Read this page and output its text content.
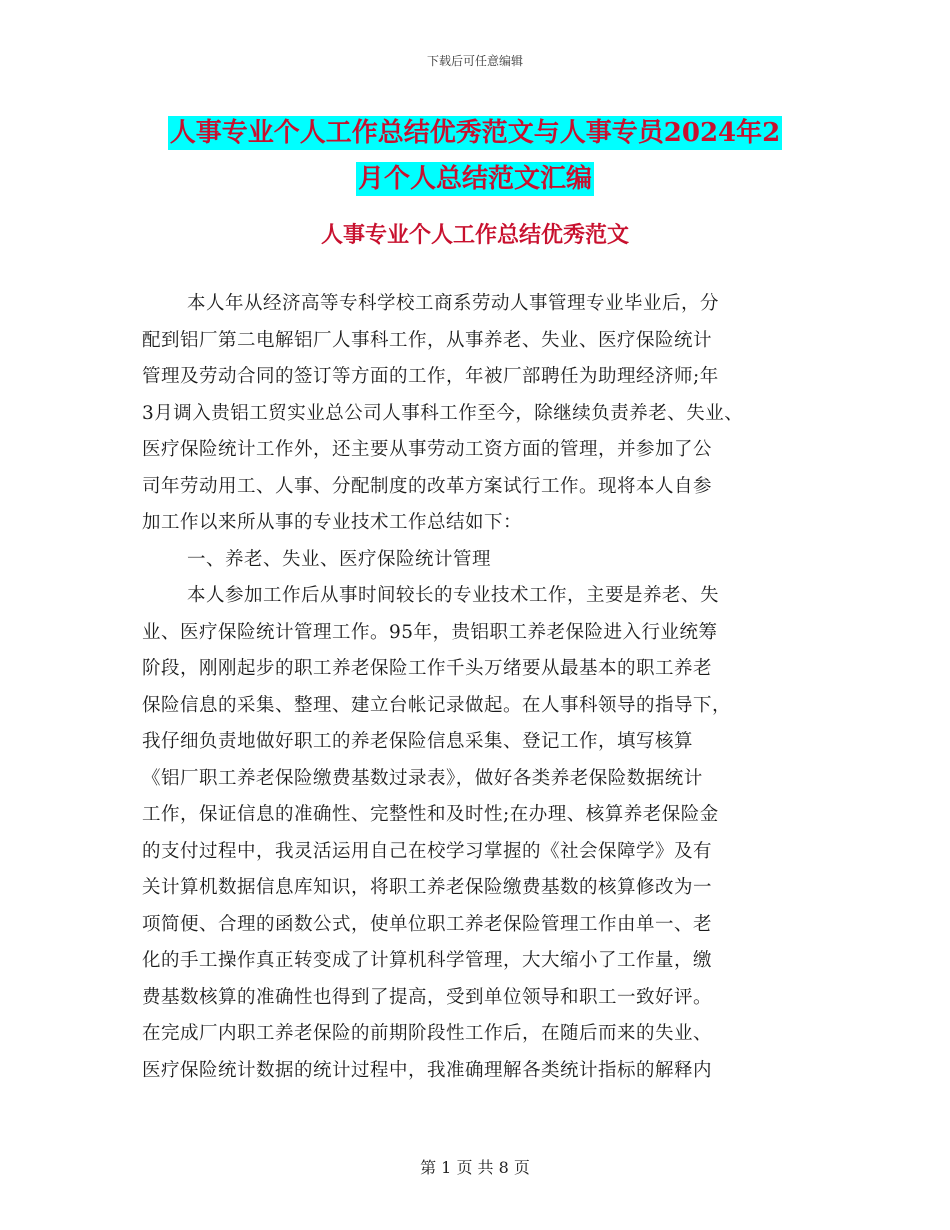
下载后可任意编辑
人事专业个人工作总结优秀范文与人事专员2024年2
月个人总结范文汇编
人事专业个人工作总结优秀范文
本人年从经济高等专科学校工商系劳动人事管理专业毕业后，分
配到铝厂第二电解铝厂人事科工作，从事养老、失业、医疗保险统计
管理及劳动合同的签订等方面的工作，年被厂部聘任为助理经济师;年
3月调入贵铝工贸实业总公司人事科工作至今，除继续负责养老、失业、
医疗保险统计工作外，还主要从事劳动工资方面的管理，并参加了公
司年劳动用工、人事、分配制度的改革方案试行工作。现将本人自参
加工作以来所从事的专业技术工作总结如下：
一、养老、失业、医疗保险统计管理
本人参加工作后从事时间较长的专业技术工作，主要是养老、失
业、医疗保险统计管理工作。95年，贵铝职工养老保险进入行业统筹
阶段，刚刚起步的职工养老保险工作千头万绪要从最基本的职工养老
保险信息的采集、整理、建立台帐记录做起。在人事科领导的指导下，
我仔细负责地做好职工的养老保险信息采集、登记工作，填写核算
《铝厂职工养老保险缴费基数过录表》，做好各类养老保险数据统计
工作，保证信息的准确性、完整性和及时性;在办理、核算养老保险金
的支付过程中，我灵活运用自己在校学习掌握的《社会保障学》及有
关计算机数据信息库知识，将职工养老保险缴费基数的核算修改为一
项简便、合理的函数公式，使单位职工养老保险管理工作由单一、老
化的手工操作真正转变成了计算机科学管理，大大缩小了工作量，缴
费基数核算的准确性也得到了提高，受到单位领导和职工一致好评。
在完成厂内职工养老保险的前期阶段性工作后，在随后而来的失业、
医疗保险统计数据的统计过程中，我准确理解各类统计指标的解释内
第 1 页 共 8 页
